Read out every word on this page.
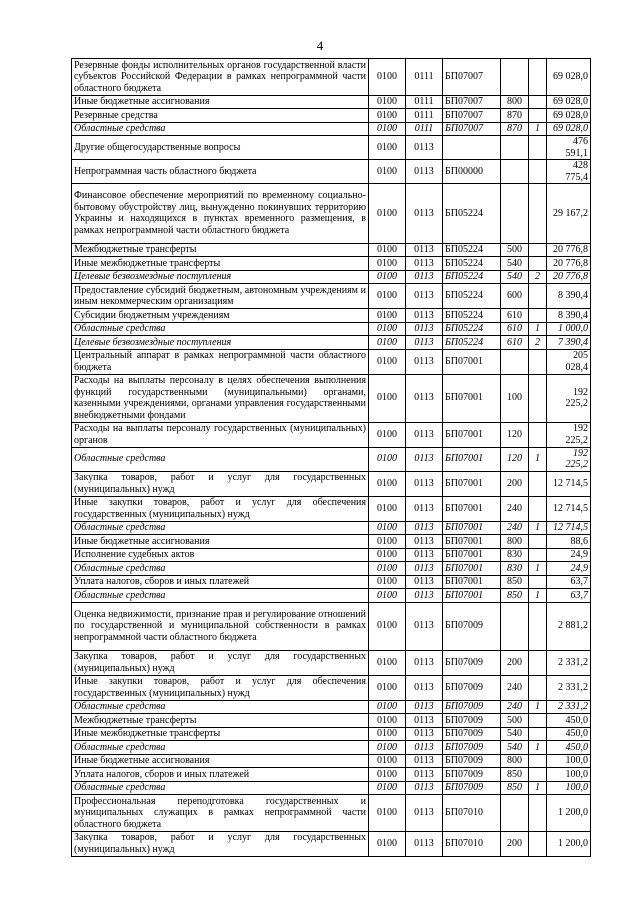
4
Резервные фонды исполнительных органов государственной власти субъектов Российской Федерации в рамках непрограммной части областного бюджета	0100	0111	БП07007			69 028,0
Иные бюджетные ассигнования	0100	0111	БП07007	800		69 028,0
Резервные средства	0100	0111	БП07007	870		69 028,0
Областные средства	0100	0111	БП07007	870	1	69 028,0
Другие общегосударственные вопросы	0100	0113				476 591,1
Непрограммная часть областного бюджета	0100	0113	БП00000			428 775,4
Финансовое обеспечение мероприятий по временному социально-бытовому обустройству лиц, вынужденно покинувших территорию Украины и находящихся в пунктах временного размещения, в рамках непрограммной части областного бюджета	0100	0113	БП05224			29 167,2
Межбюджетные трансферты	0100	0113	БП05224	500		20 776,8
Иные межбюджетные трансферты	0100	0113	БП05224	540		20 776,8
Целевые безвозмездные поступления	0100	0113	БП05224	540	2	20 776,8
Предоставление субсидий бюджетным, автономным учреждениям и иным некоммерческим организациям	0100	0113	БП05224	600		8 390,4
Субсидии бюджетным учреждениям	0100	0113	БП05224	610		8 390,4
Областные средства	0100	0113	БП05224	610	1	1 000,0
Целевые безвозмездные поступления	0100	0113	БП05224	610	2	7 390,4
Центральный аппарат в рамках непрограммной части областного бюджета	0100	0113	БП07001			205 028,4
Расходы на выплаты персоналу в целях обеспечения выполнения функций государственными (муниципальными) органами, казенными учреждениями, органами управления государственными внебюджетными фондами	0100	0113	БП07001	100		192 225,2
Расходы на выплаты персоналу государственных (муниципальных) органов	0100	0113	БП07001	120		192 225,2
Областные средства	0100	0113	БП07001	120	1	192 225,2
Закупка товаров, работ и услуг для государственных (муниципальных) нужд	0100	0113	БП07001	200		12 714,5
Иные закупки товаров, работ и услуг для обеспечения государственных (муниципальных) нужд	0100	0113	БП07001	240		12 714,5
Областные средства	0100	0113	БП07001	240	1	12 714,5
Иные бюджетные ассигнования	0100	0113	БП07001	800		88,6
Исполнение судебных актов	0100	0113	БП07001	830		24,9
Областные средства	0100	0113	БП07001	830	1	24,9
Уплата налогов, сборов и иных платежей	0100	0113	БП07001	850		63,7
Областные средства	0100	0113	БП07001	850	1	63,7
Оценка недвижимости, признание прав и регулирование отношений по государственной и муниципальной собственности в рамках непрограммной части областного бюджета	0100	0113	БП07009			2 881,2
Закупка товаров, работ и услуг для государственных (муниципальных) нужд	0100	0113	БП07009	200		2 331,2
Иные закупки товаров, работ и услуг для обеспечения государственных (муниципальных) нужд	0100	0113	БП07009	240		2 331,2
Областные средства	0100	0113	БП07009	240	1	2 331,2
Межбюджетные трансферты	0100	0113	БП07009	500		450,0
Иные межбюджетные трансферты	0100	0113	БП07009	540		450,0
Областные средства	0100	0113	БП07009	540	1	450,0
Иные бюджетные ассигнования	0100	0113	БП07009	800		100,0
Уплата налогов, сборов и иных платежей	0100	0113	БП07009	850		100,0
Областные средства	0100	0113	БП07009	850	1	100,0
Профессиональная переподготовка государственных и муниципальных служащих в рамках непрограммной части областного бюджета	0100	0113	БП07010			1 200,0
Закупка товаров, работ и услуг для государственных (муниципальных) нужд	0100	0113	БП07010	200		1 200,0
